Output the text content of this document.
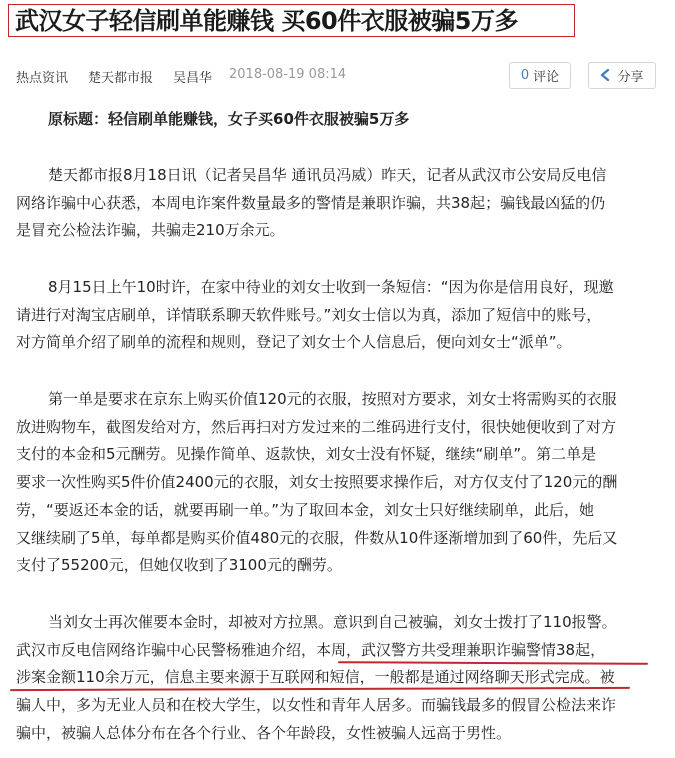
武汉女子轻信刷单能赚钱 买60件衣服被骗5万多
热点资讯 楚天都市报 吴昌华 2018-08-19 08:14	0 评论	分享
原标题：轻信刷单能赚钱，女子买60件衣服被骗5万多
楚天都市报8月18日讯（记者吴昌华 通讯员冯威）昨天，记者从武汉市公安局反电信
网络诈骗中心获悉，本周电诈案件数量最多的警情是兼职诈骗，共38起；骗钱最凶猛的仍
是冒充公检法诈骗，共骗走210万余元。
8月15日上午10时许，在家中待业的刘女士收到一条短信：“因为你是信用良好，现邀
请进行对淘宝店刷单，详情联系聊天软件账号。”刘女士信以为真，添加了短信中的账号，
对方简单介绍了刷单的流程和规则，登记了刘女士个人信息后，便向刘女士“派单”。
第一单是要求在京东上购买价值120元的衣服，按照对方要求，刘女士将需购买的衣服
放进购物车，截图发给对方，然后再扫对方发过来的二维码进行支付，很快她便收到了对方
支付的本金和5元酬劳。见操作简单、返款快，刘女士没有怀疑，继续“刷单”。第二单是
要求一次性购买5件价值2400元的衣服，刘女士按照要求操作后，对方仅支付了120元的酬
劳，“要返还本金的话，就要再刷一单。”为了取回本金，刘女士只好继续刷单，此后，她
又继续刷了5单，每单都是购买价值480元的衣服，件数从10件逐渐增加到了60件，先后又
支付了55200元，但她仅收到了3100元的酬劳。
当刘女士再次催要本金时，却被对方拉黑。意识到自己被骗，刘女士拨打了110报警。
武汉市反电信网络诈骗中心民警杨雅迪介绍，本周，武汉警方共受理兼职诈骗警情38起，
涉案金额110余万元，信息主要来源于互联网和短信，一般都是通过网络聊天形式完成。被
骗人中，多为无业人员和在校大学生，以女性和青年人居多。而骗钱最多的假冒公检法来诈
骗中，被骗人总体分布在各个行业、各个年龄段，女性被骗人远高于男性。
